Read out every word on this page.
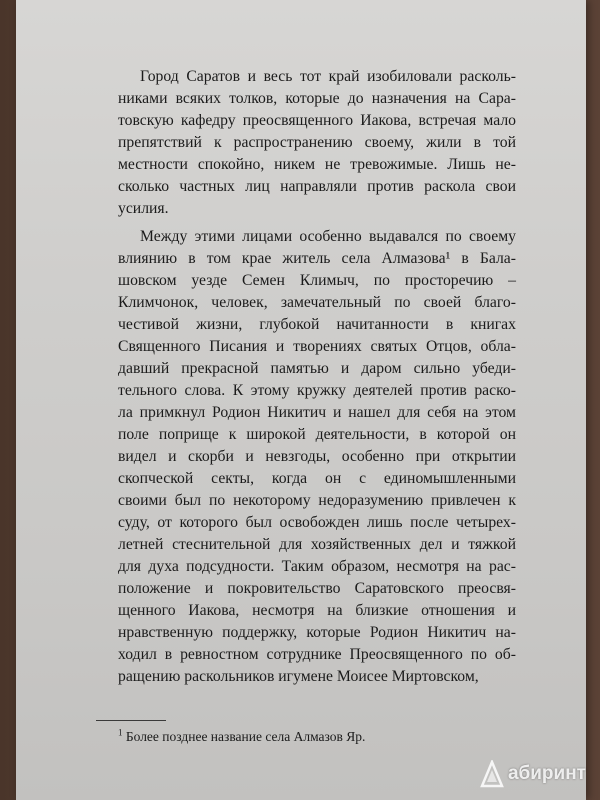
Город Саратов и весь тот край изобиловали расколь-
никами всяких толков, которые до назначения на Сара-
товскую кафедру преосвященного Иакова, встречая мало
препятствий к распространению своему, жили в той
местности спокойно, никем не тревожимые. Лишь не-
сколько частных лиц направляли против раскола свои
усилия.
Между этими лицами особенно выдавался по своему
влиянию в том крае житель села Алмазова¹ в Бала-
шовском уезде Семен Климыч, по просторечию –
Климчонок, человек, замечательный по своей благо-
честивой жизни, глубокой начитанности в книгах
Священного Писания и творениях святых Отцов, обла-
давший прекрасной памятью и даром сильно убеди-
тельного слова. К этому кружку деятелей против раско-
ла примкнул Родион Никитич и нашел для себя на этом
поле поприще к широкой деятельности, в которой он
видел и скорби и невзгоды, особенно при открытии
скопческой секты, когда он с единомышленными
своими был по некоторому недоразумению привлечен к
суду, от которого был освобожден лишь после четырех-
летней стеснительной для хозяйственных дел и тяжкой
для духа подсудности. Таким образом, несмотря на рас-
положение и покровительство Саратовского преосвя-
щенного Иакова, несмотря на близкие отношения и
нравственную поддержку, которые Родион Никитич на-
ходил в ревностном сотруднике Преосвященного по об-
ращению раскольников игумене Моисее Миртовском,
$^1$ Более позднее название села Алмазов Яр.
абиринт
